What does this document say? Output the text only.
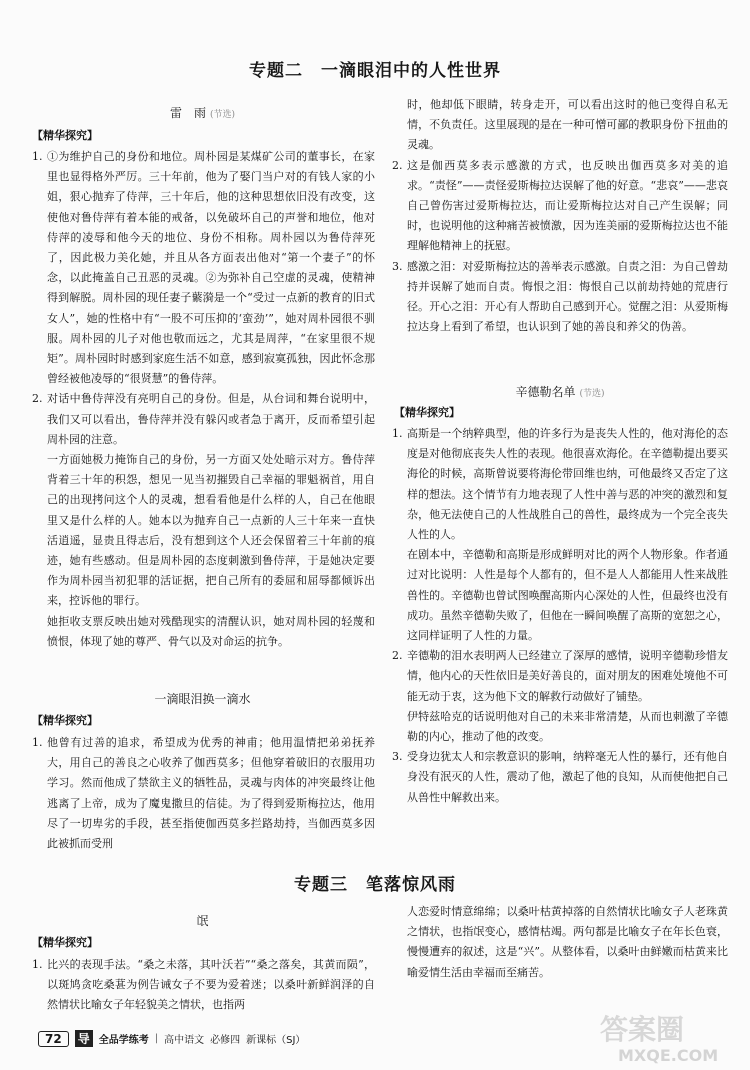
专题二　一滴眼泪中的人性世界
雷　雨 (节选)
【精华探究】
1. ①为维护自己的身份和地位。周朴园是某煤矿公司的董事长，在家里也显得格外严厉。三十年前，他为了娶门当户对的有钱人家的小姐，狠心抛弃了侍萍，三十年后，他的这种思想依旧没有改变，这使他对鲁侍萍有着本能的戒备，以免破坏自己的声誉和地位，他对侍萍的凌辱和他今天的地位、身份不相称。周朴园以为鲁侍萍死了，因此极力美化她，并且从各方面表出他对“第一个妻子”的怀念，以此掩盖自己丑恶的灵魂。②为弥补自己空虚的灵魂，使精神得到解脱。周朴园的现任妻子蘩漪是一个“受过一点新的教育的旧式女人”，她的性格中有“一股不可压抑的‘蛮劲’”，她对周朴园很不驯服。周朴园的儿子对他也敬而远之，尤其是周萍，“在家里很不规矩”。周朴园时时感到家庭生活不如意，感到寂寞孤独，因此怀念那曾经被他凌辱的“很贤慧”的鲁侍萍。
2. 对话中鲁侍萍没有亮明自己的身份。但是，从台词和舞台说明中，我们又可以看出，鲁侍萍并没有躲闪或者急于离开，反而希望引起周朴园的注意。

一方面她极力掩饰自己的身份，另一方面又处处暗示对方。鲁侍萍背着三十年的积怨，想见一见当初摧毁自己幸福的罪魁祸首，用自己的出现拷问这个人的灵魂，想看看他是什么样的人，自己在他眼里又是什么样的人。她本以为抛弃自己一点新的人三十年来一直快活逍遥，显贵且得志后，没有想到这个人还会保留着三十年前的痕迹，她有些感动。但是周朴园的态度刺激到鲁侍萍，于是她决定要作为周朴园当初犯罪的活证据，把自己所有的委屈和屈辱都倾诉出来，控诉他的罪行。

她拒收支票反映出她对残酷现实的清醒认识，她对周朴园的轻蔑和愤恨，体现了她的尊严、骨气以及对命运的抗争。

一滴眼泪换一滴水
【精华探究】
1. 他曾有过善的追求，希望成为优秀的神甫；他用温情把弟弟抚养大，用自己的善良之心收养了伽西莫多；但他穿着破旧的衣服用功学习。然而他成了禁欲主义的牺牲品，灵魂与肉体的冲突最终让他逃离了上帝，成为了魔鬼撒旦的信徒。为了得到爱斯梅拉达，他用尽了一切卑劣的手段，甚至指使伽西莫多拦路劫持，当伽西莫多因此被抓而受刑

时，他却低下眼睛，转身走开，可以看出这时的他已变得自私无情，不负责任。这里展现的是在一种可憎可鄙的教职身份下扭曲的灵魂。

2. 这是伽西莫多表示感激的方式，也反映出伽西莫多对美的追求。“责怪”——责怪爱斯梅拉达误解了他的好意。“悲哀”——悲哀自己曾伤害过爱斯梅拉达，而让爱斯梅拉达对自己产生误解；同时，也说明他的这种痛苦被愤激，因为连美丽的爱斯梅拉达也不能理解他精神上的抚慰。
3. 感激之泪：对爱斯梅拉达的善举表示感激。自责之泪：为自己曾劫持并误解了她而自责。悔恨之泪：悔恨自己以前劫持她的荒唐行径。开心之泪：开心有人帮助自己感到开心。觉醒之泪：从爱斯梅拉达身上看到了希望，也认识到了她的善良和养父的伪善。
辛德勒名单 (节选)
【精华探究】
1. 高斯是一个纳粹典型，他的许多行为是丧失人性的，他对海伦的态度是对他彻底丧失人性的表现。他很喜欢海伦。在辛德勒提出要买海伦的时候，高斯曾说要将海伦带回维也纳，可他最终又否定了这样的想法。这个情节有力地表现了人性中善与恶的冲突的激烈和复杂，他无法使自己的人性战胜自己的兽性，最终成为一个完全丧失人性的人。

在剧本中，辛德勒和高斯是形成鲜明对比的两个人物形象。作者通过对比说明：人性是每个人都有的，但不是人人都能用人性来战胜兽性的。辛德勒也曾试图唤醒高斯内心深处的人性，但最终也没有成功。虽然辛德勒失败了，但他在一瞬间唤醒了高斯的宽恕之心，这同样证明了人性的力量。

2. 辛德勒的泪水表明两人已经建立了深厚的感情，说明辛德勒珍惜友情，他内心的天性依旧是美好善良的，面对朋友的困难处境他不可能无动于衷，这为他下文的解救行动做好了铺垫。

伊特兹哈克的话说明他对自己的未来非常清楚，从而也刺激了辛德勒的内心，推动了他的改变。

3. 受身边犹太人和宗教意识的影响，纳粹毫无人性的暴行，还有他自身没有泯灭的人性，震动了他，激起了他的良知，从而使他把自己从兽性中解救出来。
专题三　笔落惊风雨
氓
【精华探究】
1. 比兴的表现手法。“桑之未落，其叶沃若”“桑之落矣，其黄而陨”，以斑鸠贪吃桑葚为例告诫女子不要为爱着迷；以桑叶新鲜润泽的自然情状比喻女子年轻貌美之情状，也指两

人恋爱时情意绵绵；以桑叶枯黄掉落的自然情状比喻女子人老珠黄之情状，也指氓变心，感情枯竭。两句都是比喻女子在年长色衰，慢慢遭弃的叙述，这是“兴”。从整体看，以桑叶由鲜嫩而枯黄来比喻爱情生活由幸福而至痛苦。

72	导 全品学练考 | 高中语文 必修四 新课标（SJ）	答案圈
MXQE.COM
